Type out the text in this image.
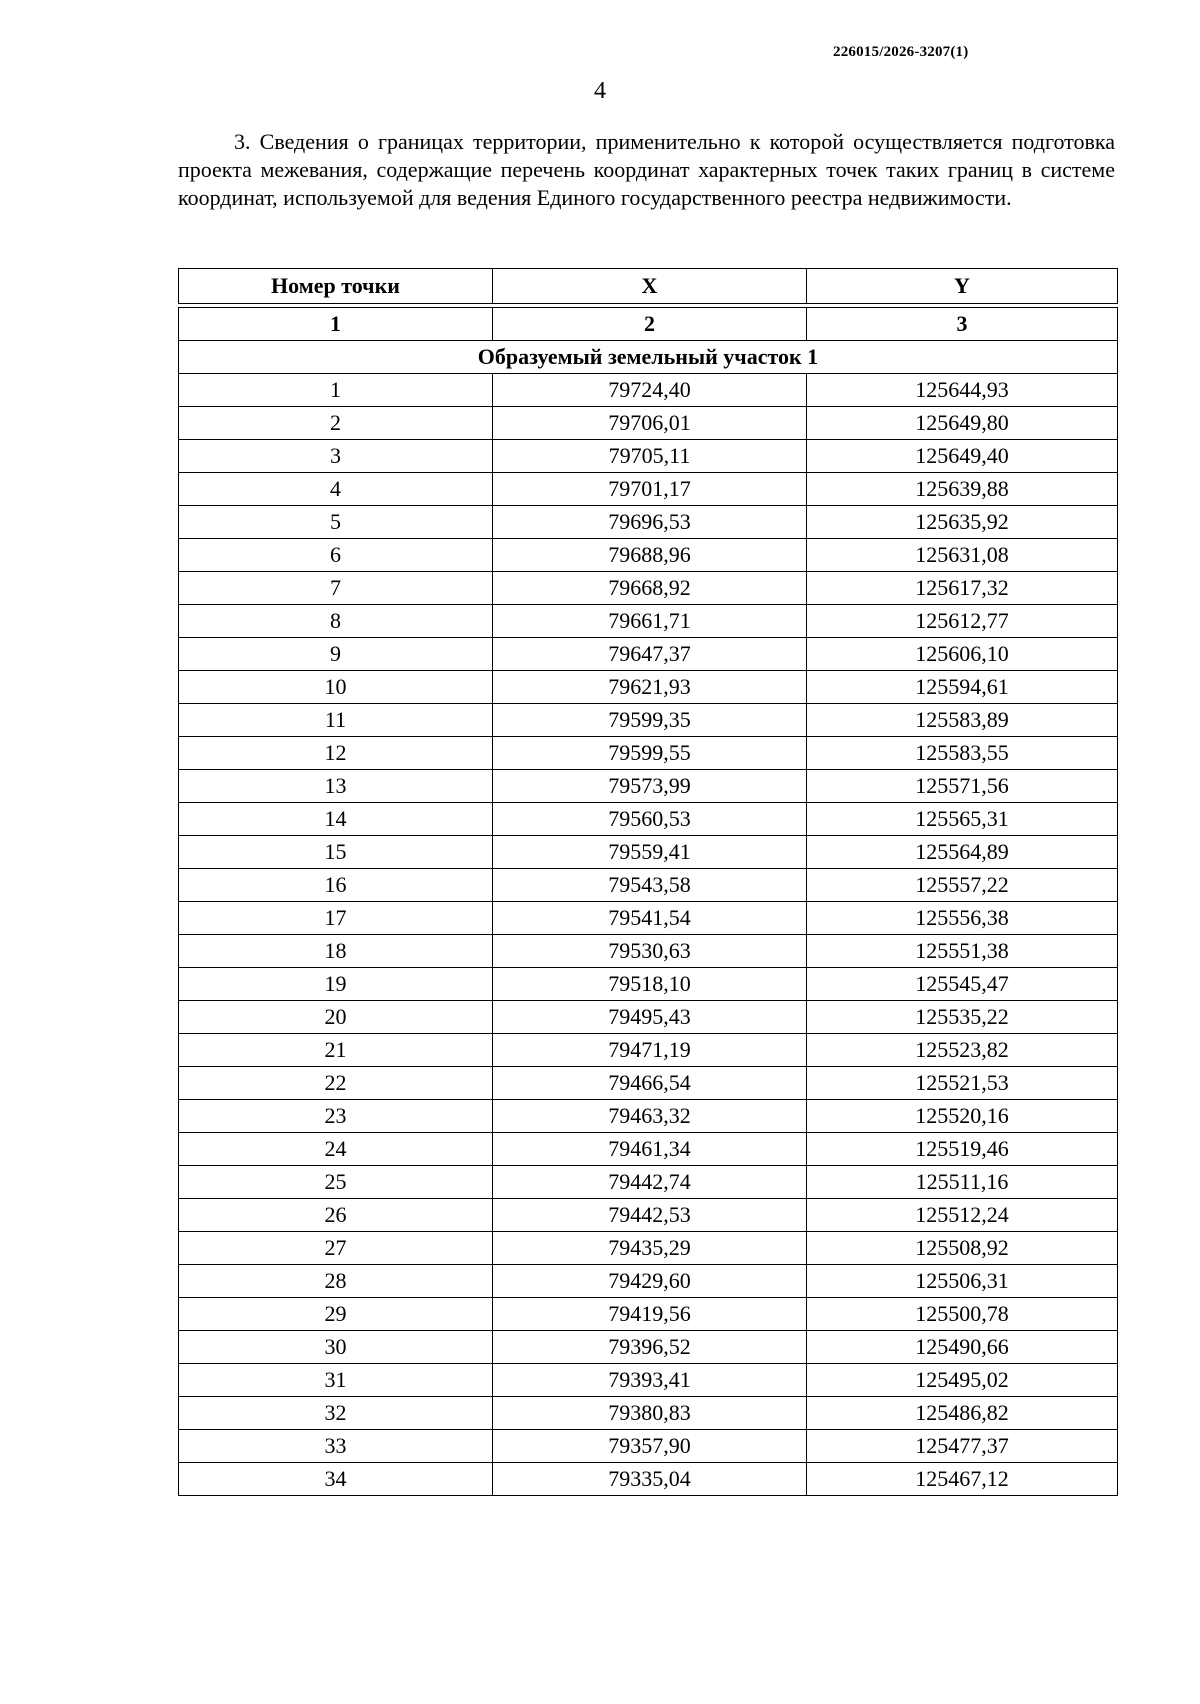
226015/2026-3207(1)
4

3. Сведения о границах территории, применительно к которой осуществляется подготовка проекта межевания, содержащие перечень координат характерных точек таких границ в системе координат, используемой для ведения Единого государственного реестра недвижимости.

Номер точки	X	Y

1	2	3
Образуемый земельный участок 1		
1	79724,40	125644,93
2	79706,01	125649,80
3	79705,11	125649,40
4	79701,17	125639,88
5	79696,53	125635,92
6	79688,96	125631,08
7	79668,92	125617,32
8	79661,71	125612,77
9	79647,37	125606,10
10	79621,93	125594,61
11	79599,35	125583,89
12	79599,55	125583,55
13	79573,99	125571,56
14	79560,53	125565,31
15	79559,41	125564,89
16	79543,58	125557,22
17	79541,54	125556,38
18	79530,63	125551,38
19	79518,10	125545,47
20	79495,43	125535,22
21	79471,19	125523,82
22	79466,54	125521,53
23	79463,32	125520,16
24	79461,34	125519,46
25	79442,74	125511,16
26	79442,53	125512,24
27	79435,29	125508,92
28	79429,60	125506,31
29	79419,56	125500,78
30	79396,52	125490,66
31	79393,41	125495,02
32	79380,83	125486,82
33	79357,90	125477,37
34	79335,04	125467,12
